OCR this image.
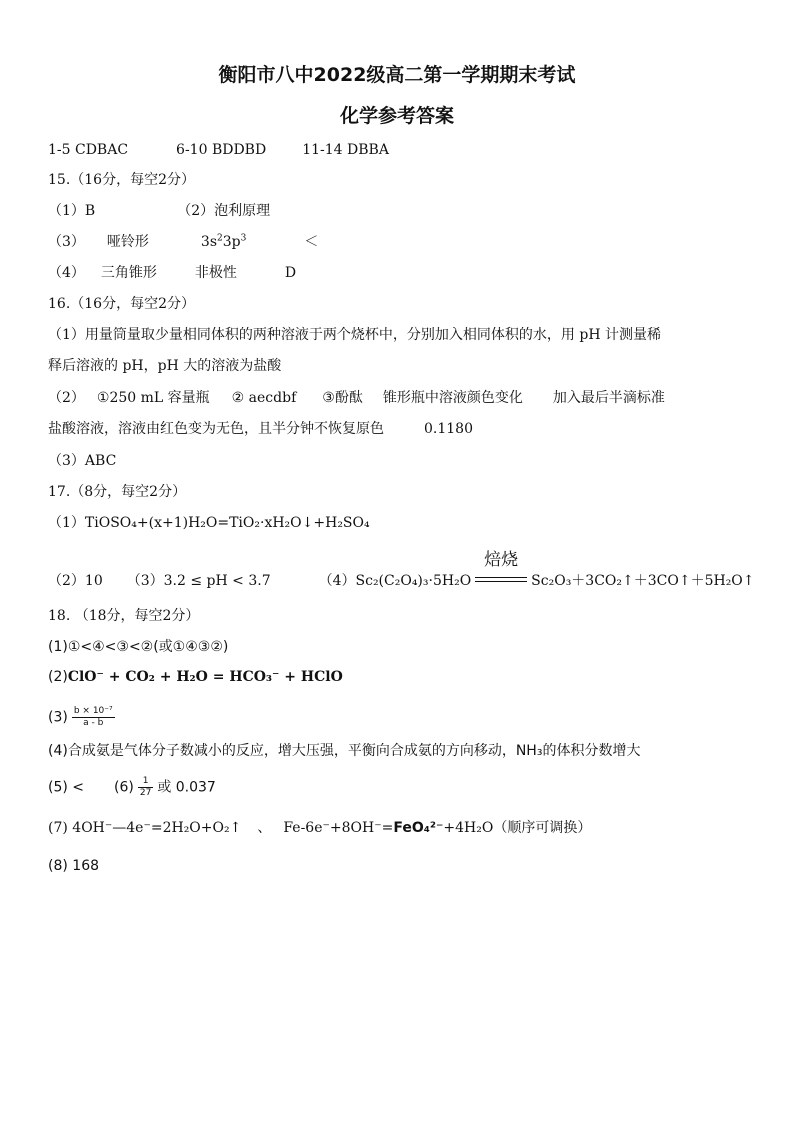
衡阳市八中2022级高二第一学期期末考试
化学参考答案
1-5 CDBAC	6-10 BDDBD	11-14 DBBA
15.（16分，每空2分）
（1）B	（2）泡利原理
（3） 哑铃形	$3s^23p^3$	＜
（4） 三角锥形	非极性	D
16.（16分，每空2分）
（1）用量筒量取少量相同体积的两种溶液于两个烧杯中，分别加入相同体积的水，用 pH 计测量稀
释后溶液的 pH，pH 大的溶液为盐酸
（2） ①250 mL 容量瓶 ② aecdbf ③酚酞 锥形瓶中溶液颜色变化 加入最后半滴标准
盐酸溶液，溶液由红色变为无色，且半分钟不恢复原色	0.1180
（3）ABC
17.（8分，每空2分）
（1）TiOSO₄+(x+1)H₂O=TiO₂·xH₂O↓+H₂SO₄
（2）10 （3）3.2 ≤ pH < 3.7	（4）Sc₂(C₂O₄)₃·5H₂O
焙烧
Sc₂O₃＋3CO₂↑＋3CO↑＋5H₂O↑
18. （18分，每空2分）
(1)①<④<③<②(或①④③②)
(2)ClO⁻ + CO₂ + H₂O = HCO₃⁻ + HClO
$(3) \frac{\text{b × 10⁻⁷}}{a - b}$
(4)合成氨是气体分子数减小的反应，增大压强，平衡向合成氨的方向移动，NH₃的体积分数增大
$(5) < (6) \frac{1}{27}$ 或 0.037
(7) 4OH⁻—4e⁻=2H₂O+O₂↑ 、 Fe-6e⁻+8OH⁻=FeO₄²⁻+4H₂O（顺序可调换）
(8) 168
